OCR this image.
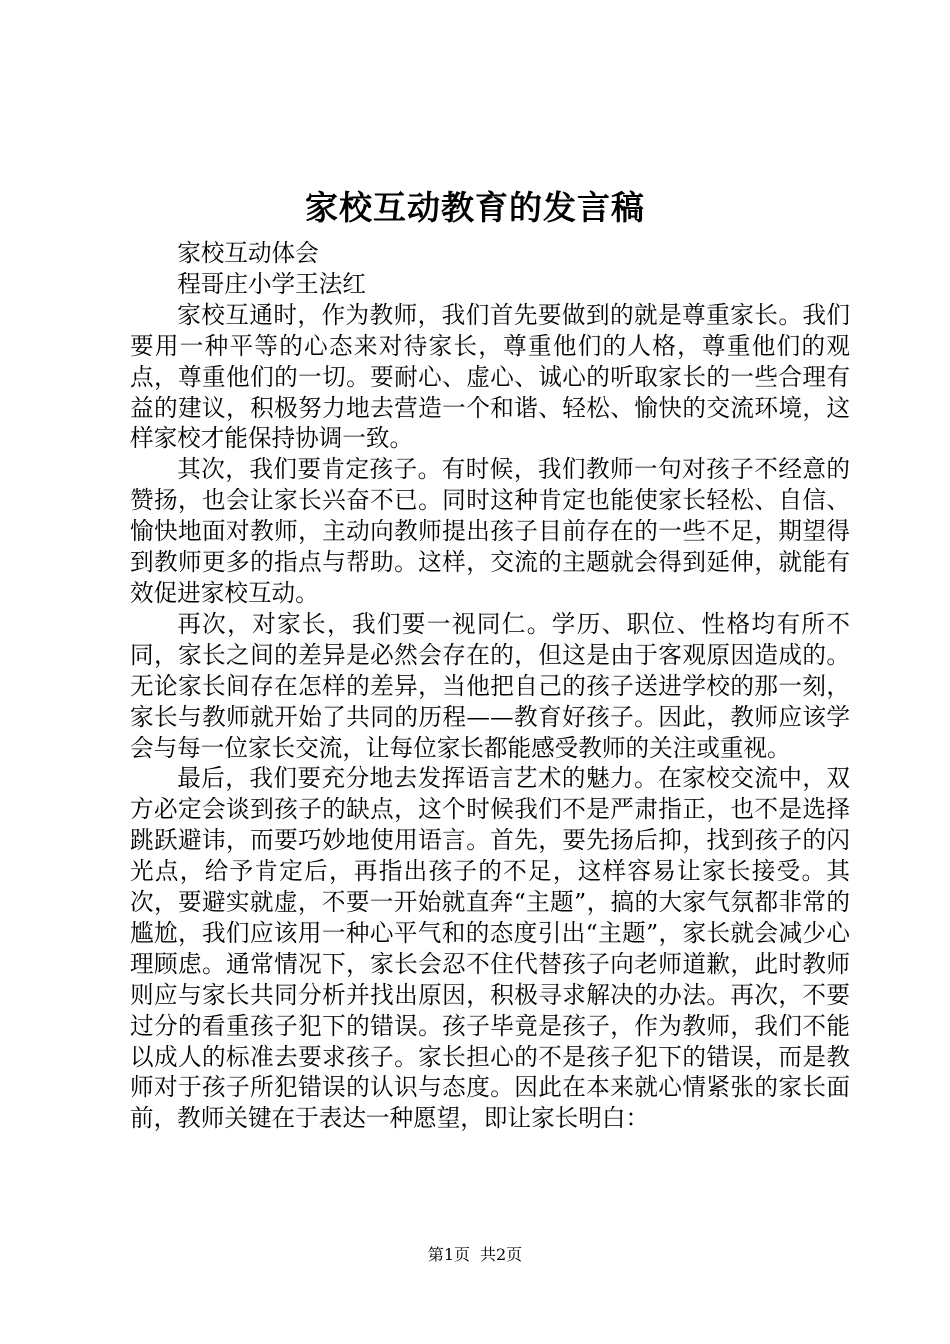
家校互动教育的发言稿

家校互动体会

程哥庄小学王法红

家校互通时，作为教师，我们首先要做到的就是尊重家长。我们要用一种平等的心态来对待家长，尊重他们的人格，尊重他们的观点，尊重他们的一切。要耐心、虚心、诚心的听取家长的一些合理有益的建议，积极努力地去营造一个和谐、轻松、愉快的交流环境，这样家校才能保持协调一致。

其次，我们要肯定孩子。有时候，我们教师一句对孩子不经意的赞扬，也会让家长兴奋不已。同时这种肯定也能使家长轻松、自信、愉快地面对教师，主动向教师提出孩子目前存在的一些不足，期望得到教师更多的指点与帮助。这样，交流的主题就会得到延伸，就能有效促进家校互动。

再次，对家长，我们要一视同仁。学历、职位、性格均有所不同，家长之间的差异是必然会存在的，但这是由于客观原因造成的。无论家长间存在怎样的差异，当他把自己的孩子送进学校的那一刻，家长与教师就开始了共同的历程——教育好孩子。因此，教师应该学会与每一位家长交流，让每位家长都能感受教师的关注或重视。

最后，我们要充分地去发挥语言艺术的魅力。在家校交流中，双方必定会谈到孩子的缺点，这个时候我们不是严肃指正，也不是选择跳跃避讳，而要巧妙地使用语言。首先，要先扬后抑，找到孩子的闪光点，给予肯定后，再指出孩子的不足，这样容易让家长接受。其次，要避实就虚，不要一开始就直奔“主题”，搞的大家气氛都非常的尴尬，我们应该用一种心平气和的态度引出“主题”，家长就会减少心理顾虑。通常情况下，家长会忍不住代替孩子向老师道歉，此时教师则应与家长共同分析并找出原因，积极寻求解决的办法。再次，不要过分的看重孩子犯下的错误。孩子毕竟是孩子，作为教师，我们不能以成人的标准去要求孩子。家长担心的不是孩子犯下的错误，而是教师对于孩子所犯错误的认识与态度。因此在本来就心情紧张的家长面前，教师关键在于表达一种愿望，即让家长明白：

第1页 共2页
